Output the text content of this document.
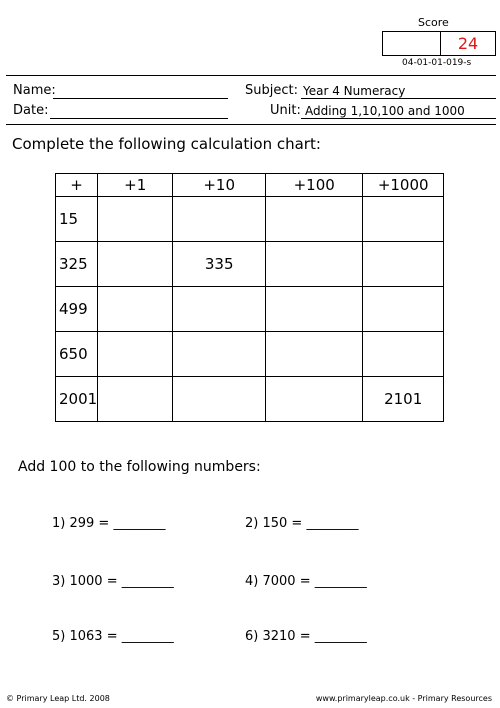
Score
24
04-01-01-019-s
Name:
Date:
Subject: Year 4 Numeracy
Unit: Adding 1,10,100 and 1000
Complete the following calculation chart:
+	+1	+10	+100	+1000
15				
325		335		
499				
650				
2001				2101
Add 100 to the following numbers:
1) 299 = ________	2) 150 = ________
3) 1000 = ________	4) 7000 = ________
5) 1063 = ________	6) 3210 = ________
© Primary Leap Ltd. 2008	www.primaryleap.co.uk - Primary Resources
